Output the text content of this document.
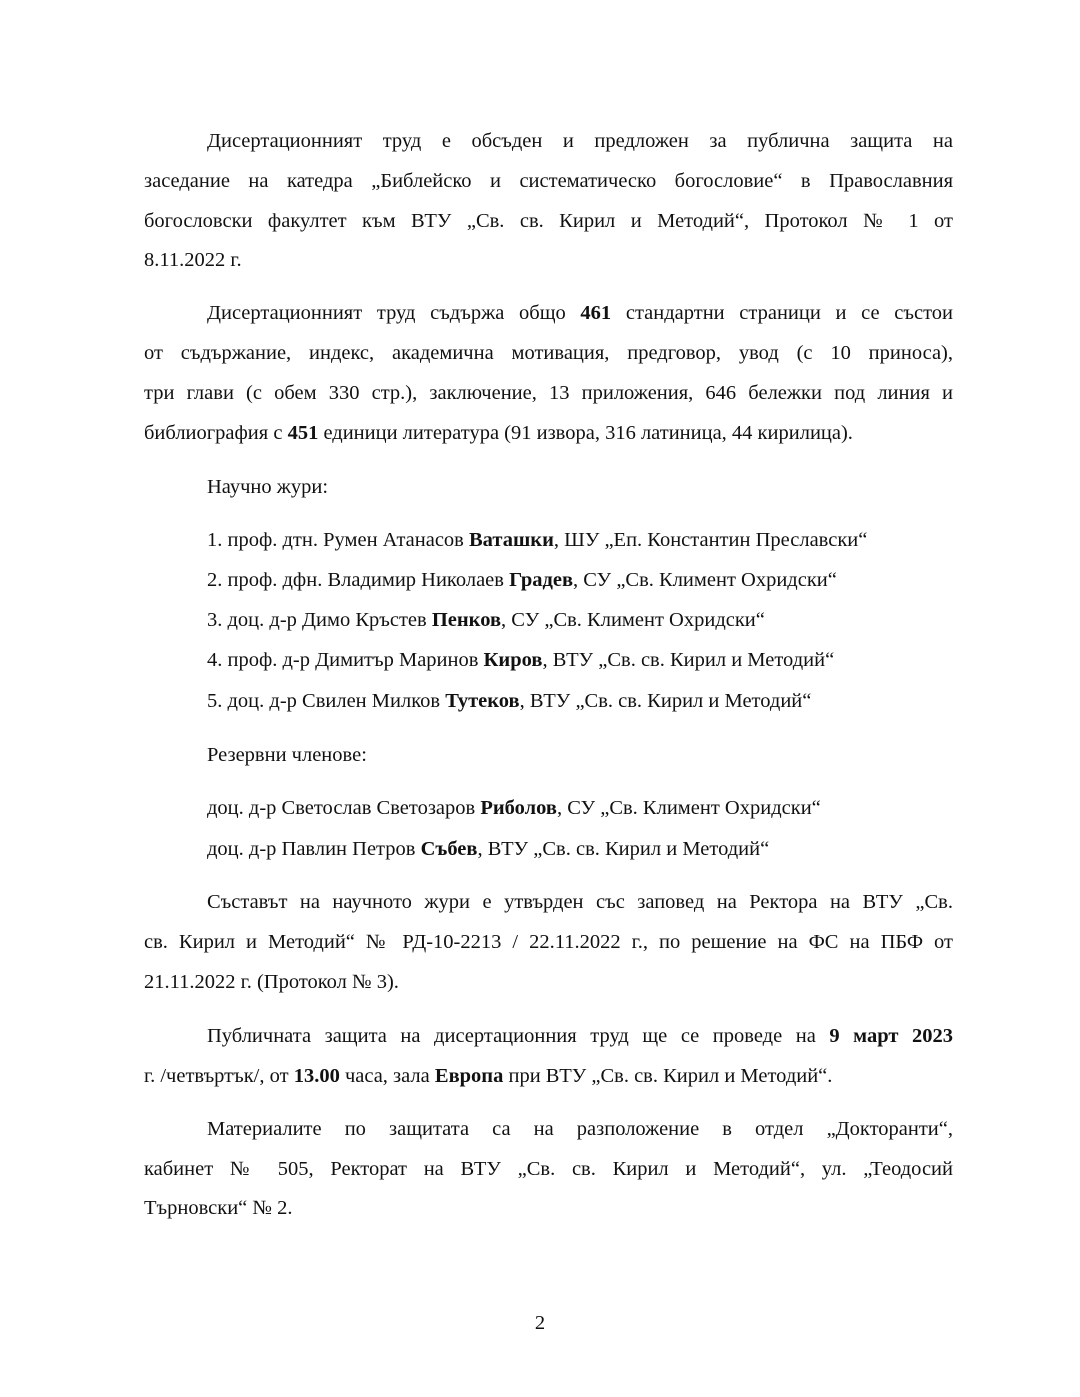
Дисертационният труд е обсъден и предложен за публична защита на
заседание на катедра „Библейско и систематическо богословие“ в Православния
богословски факултет към ВТУ „Св. св. Кирил и Методий“, Протокол № 1 от
8.11.2022 г.
Дисертационният труд съдържа общо 461 стандартни страници и се състои
от съдържание, индекс, академична мотивация, предговор, увод (с 10 приноса),
три глави (с обем 330 стр.), заключение, 13 приложения, 646 бележки под линия и
библиография с 451 единици литература (91 извора, 316 латиница, 44 кирилица).
Научно жури:
1. проф. дтн. Румен Атанасов Ваташки, ШУ „Еп. Константин Преславски“
2. проф. дфн. Владимир Николаев Градев, СУ „Св. Климент Охридски“
3. доц. д-р Димо Кръстев Пенков, СУ „Св. Климент Охридски“
4. проф. д-р Димитър Маринов Киров, ВТУ „Св. св. Кирил и Методий“
5. доц. д-р Свилен Милков Тутеков, ВТУ „Св. св. Кирил и Методий“
Резервни членове:
доц. д-р Светослав Светозаров Риболов, СУ „Св. Климент Охридски“
доц. д-р Павлин Петров Събев, ВТУ „Св. св. Кирил и Методий“
Съставът на научното жури е утвърден със заповед на Ректора на ВТУ „Св.
св. Кирил и Методий“ № РД-10-2213 / 22.11.2022 г., по решение на ФС на ПБФ от
21.11.2022 г. (Протокол № 3).
Публичната защита на дисертационния труд ще се проведе на 9 март 2023
г. /четвъртък/, от 13.00 часа, зала Европа при ВТУ „Св. св. Кирил и Методий“.
Материалите по защитата са на разположение в отдел „Докторанти“,
кабинет № 505, Ректорат на ВТУ „Св. св. Кирил и Методий“, ул. „Теодосий
Търновски“ № 2.
2
